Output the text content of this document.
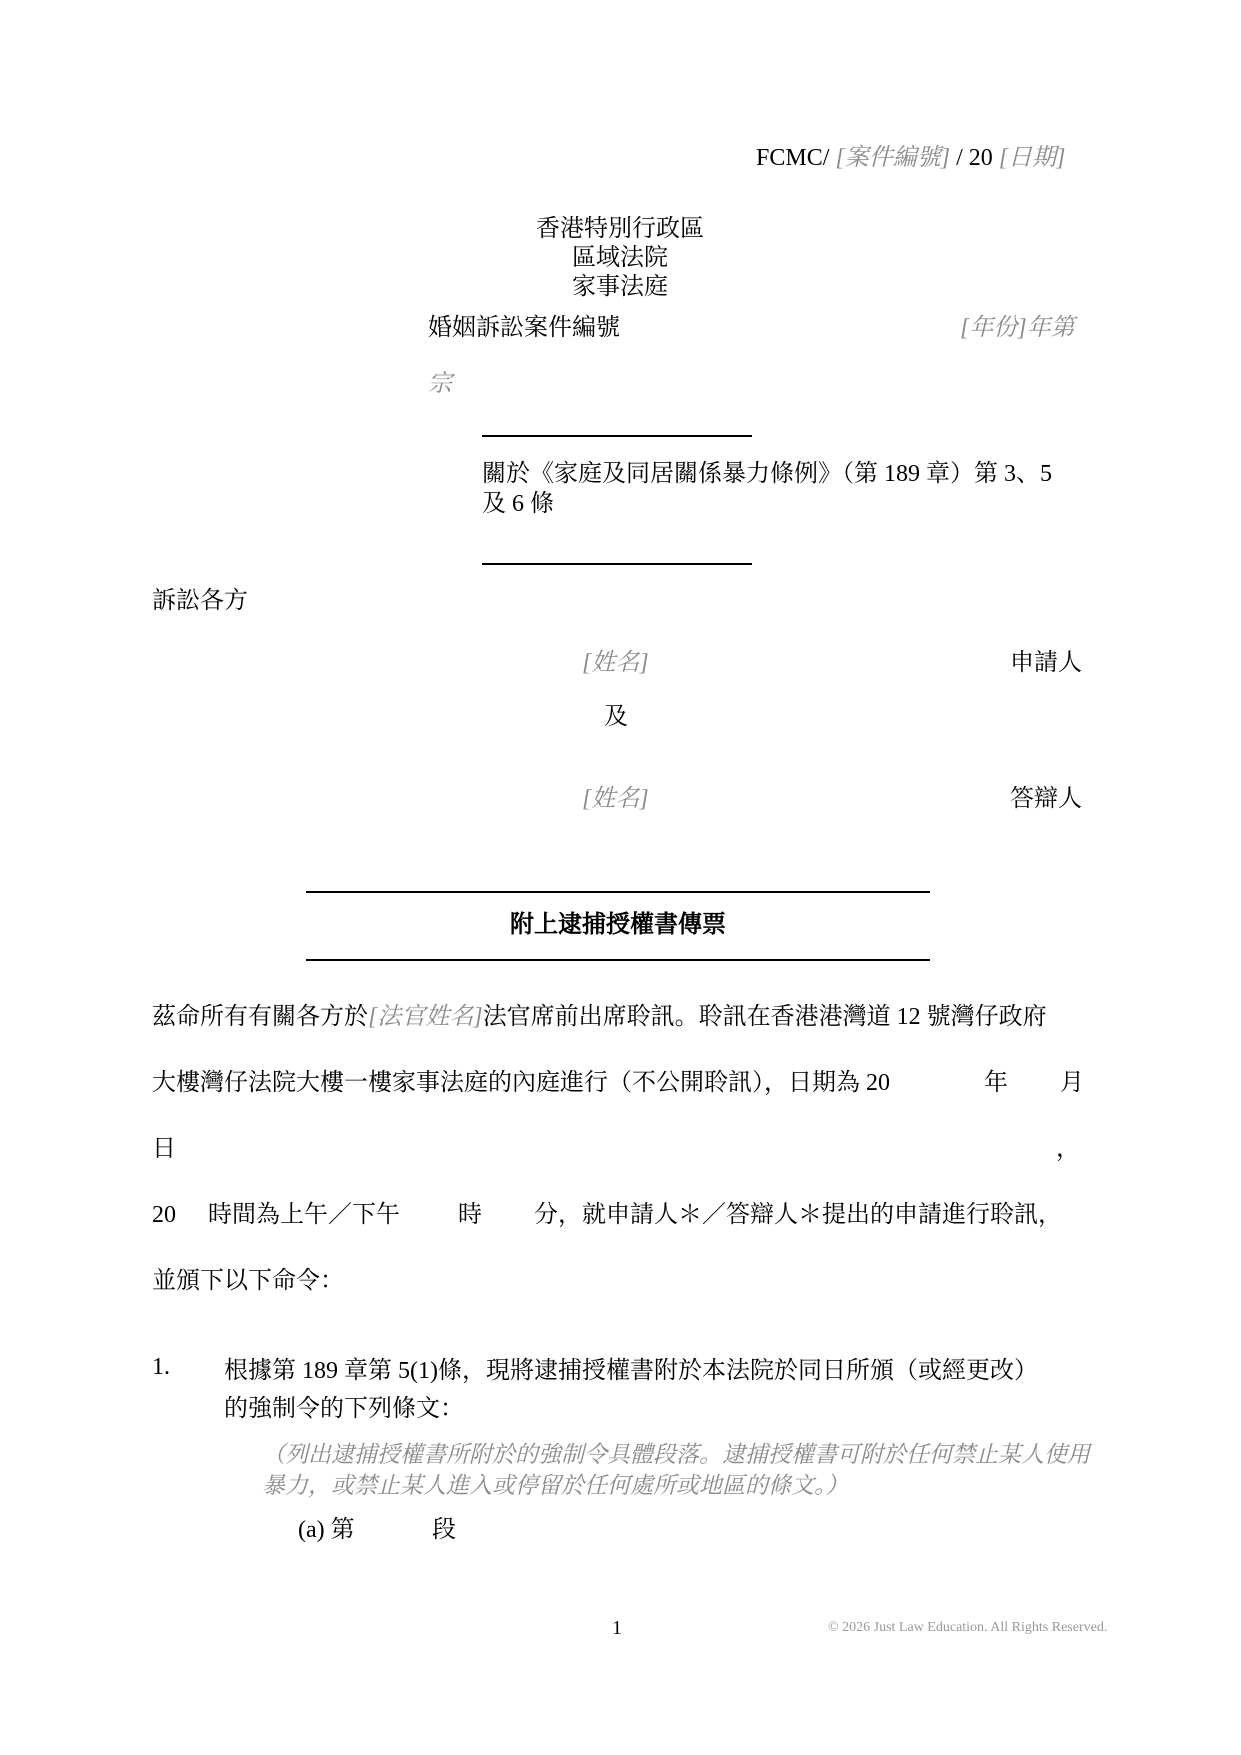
FCMC/ [案件編號] / 20 [日期]
香港特別行政區
區域法院
家事法庭
婚姻訴訟案件編號	[年份]年第
宗
關於《家庭及同居關係暴力條例》（第 189 章）第 3、5
及 6 條
訴訟各方
[姓名]	申請人
及
[姓名]	答辯人
附上逮捕授權書傳票
茲命所有有關各方於[法官姓名]法官席前出席聆訊。聆訊在香港港灣道 12 號灣仔政府
大樓灣仔法院大樓一樓家事法庭的內庭進行（不公開聆訊），日期為 20	年 月
日	，
20 時間為上午／下午 時 分，就申請人＊／答辯人＊提出的申請進行聆訊，
並頒下以下命令：
1. 根據第 189 章第 5(1)條，現將逮捕授權書附於本法院於同日所頒（或經更改）
的強制令的下列條文：
（列出逮捕授權書所附於的強制令具體段落。逮捕授權書可附於任何禁止某人使用
暴力，或禁止某人進入或停留於任何處所或地區的條文。）
(a) 第	段
1	© 2026 Just Law Education. All Rights Reserved.
